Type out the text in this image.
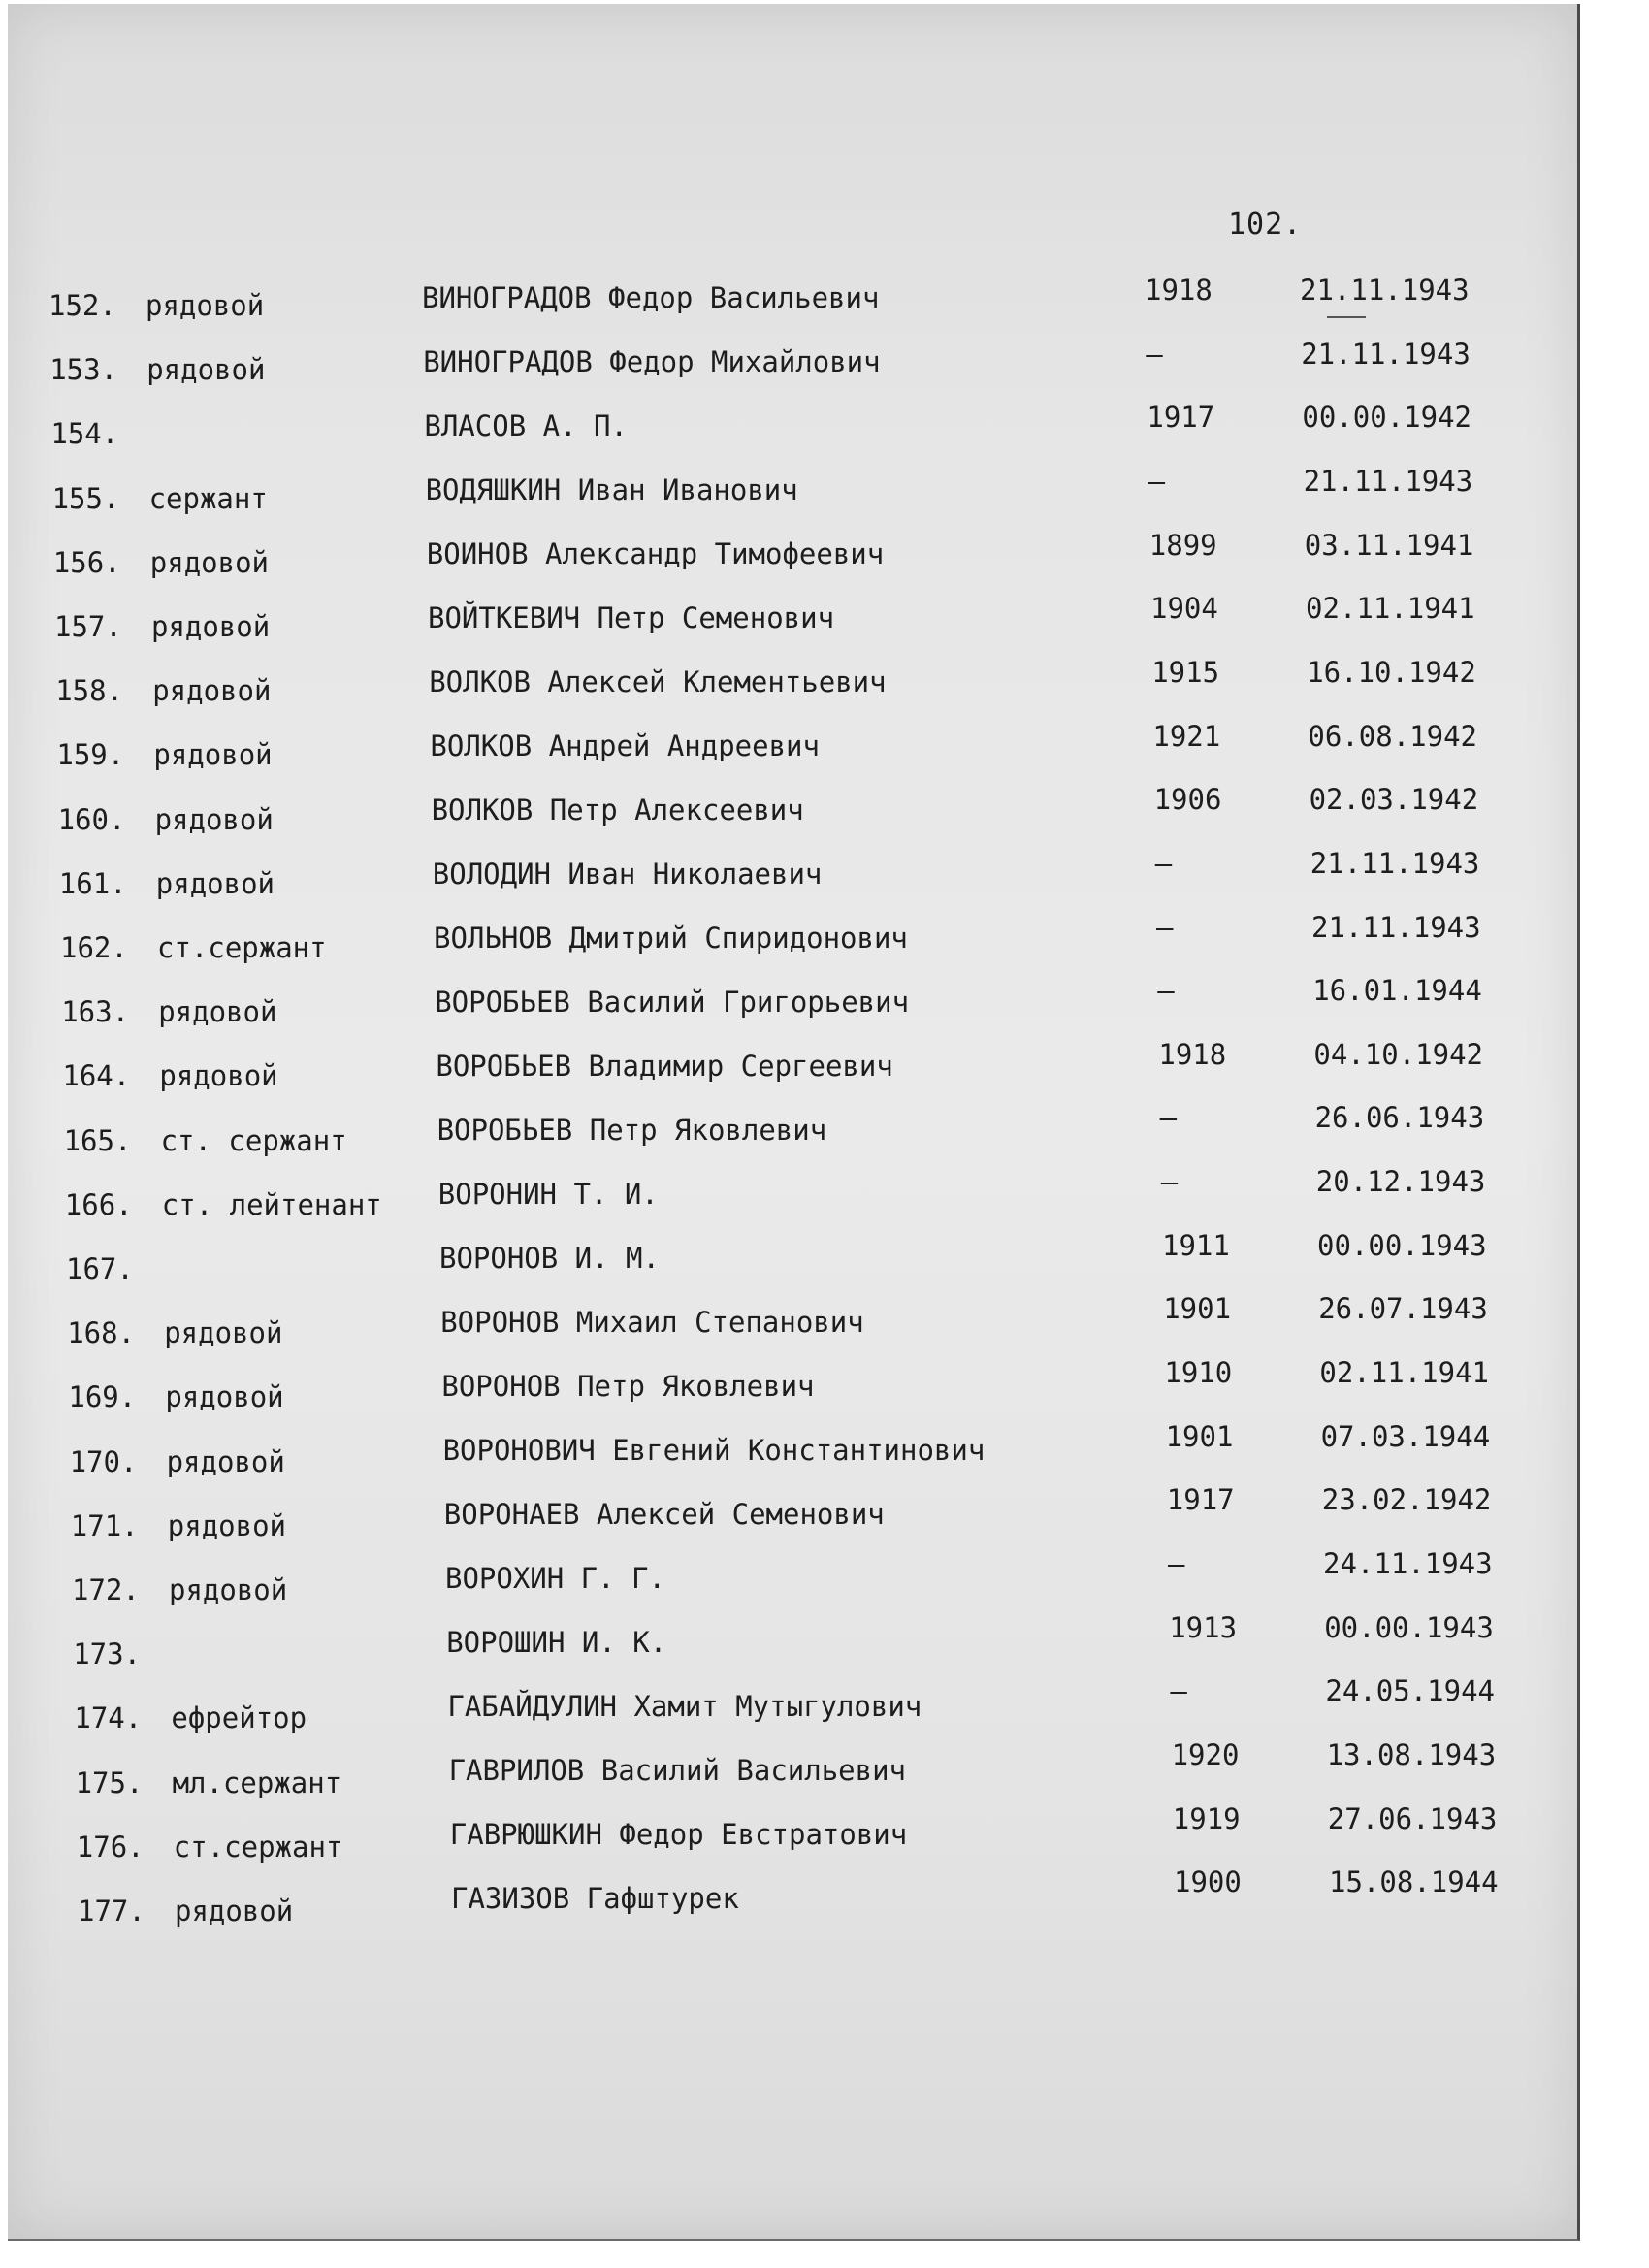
102.
152. рядовой	ВИНОГРАДОВ Федор Васильевич	1918	21.11.1943
153. рядовой	ВИНОГРАДОВ Федор Михайлович	–	21.11.1943
154.	ВЛАСОВ А. П.	1917	00.00.1942
155. сержант	ВОДЯШКИН Иван Иванович	–	21.11.1943
156. рядовой	ВОИНОВ Александр Тимофеевич	1899	03.11.1941
157. рядовой	ВОЙТКЕВИЧ Петр Семенович	1904	02.11.1941
158. рядовой	ВОЛКОВ Алексей Клементьевич	1915	16.10.1942
159. рядовой	ВОЛКОВ Андрей Андреевич	1921	06.08.1942
160. рядовой	ВОЛКОВ Петр Алексеевич	1906	02.03.1942
161. рядовой	ВОЛОДИН Иван Николаевич	–	21.11.1943
162. ст.сержант	ВОЛЬНОВ Дмитрий Спиридонович	–	21.11.1943
163. рядовой	ВОРОБЬЕВ Василий Григорьевич	–	16.01.1944
164. рядовой	ВОРОБЬЕВ Владимир Сергеевич	1918	04.10.1942
165. ст. сержант	ВОРОБЬЕВ Петр Яковлевич	–	26.06.1943
166. ст. лейтенант ВОРОНИН Т. И.	–	20.12.1943
167.	ВОРОНОВ И. М.	1911	00.00.1943
168. рядовой	ВОРОНОВ Михаил Степанович	1901	26.07.1943
169. рядовой	ВОРОНОВ Петр Яковлевич	1910	02.11.1941
170. рядовой	ВОРОНОВИЧ Евгений Константинович	1901	07.03.1944
171. рядовой	ВОРОНАЕВ Алексей Семенович	1917	23.02.1942
172. рядовой	ВОРОХИН Г. Г.	–	24.11.1943
173.	ВОРОШИН И. К.	1913	00.00.1943
174. ефрейтор	ГАБАЙДУЛИН Хамит Мутыгулович	–	24.05.1944
175. мл.сержант	ГАВРИЛОВ Василий Васильевич	1920	13.08.1943
176. ст.сержант	ГАВРЮШКИН Федор Евстратович	1919	27.06.1943
177. рядовой	ГАЗИЗОВ Гафштурек	1900	15.08.1944
